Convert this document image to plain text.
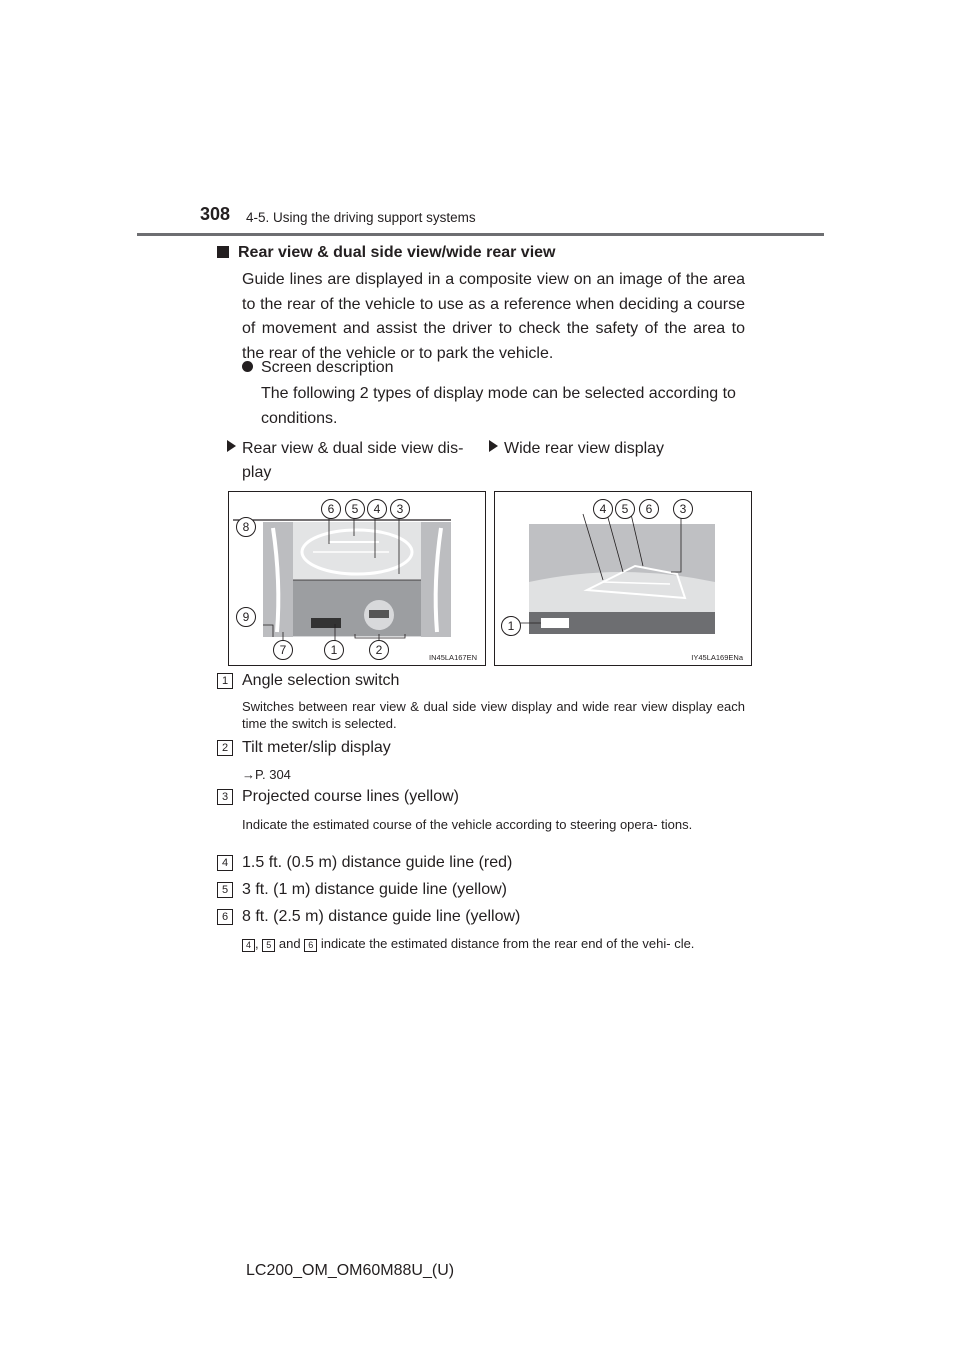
308 4-5. Using the driving support systems
Rear view & dual side view/wide rear view
Guide lines are displayed in a composite view on an image of the area to the rear of the vehicle to use as a reference when deciding a course of movement and assist the driver to check the safety of the area to the rear of the vehicle or to park the vehicle.
Screen description
The following 2 types of display mode can be selected according to conditions.
Rear view & dual side view dis-
play
Wide rear view display
6	5	4	3
8
9
7	1	2
IN45LA167EN
4	5	6	3
1
IY45LA169ENa
1 Angle selection switch
Switches between rear view & dual side view display and wide rear view display each time the switch is selected.
2 Tilt meter/slip display
→P. 304
3 Projected course lines (yellow)
Indicate the estimated course of the vehicle according to steering opera- tions.
4 1.5 ft. (0.5 m) distance guide line (red)
5 3 ft. (1 m) distance guide line (yellow)
6 8 ft. (2.5 m) distance guide line (yellow)
4 , 5 and 6 indicate the estimated distance from the rear end of the vehi- cle.
LC200_OM_OM60M88U_(U)
